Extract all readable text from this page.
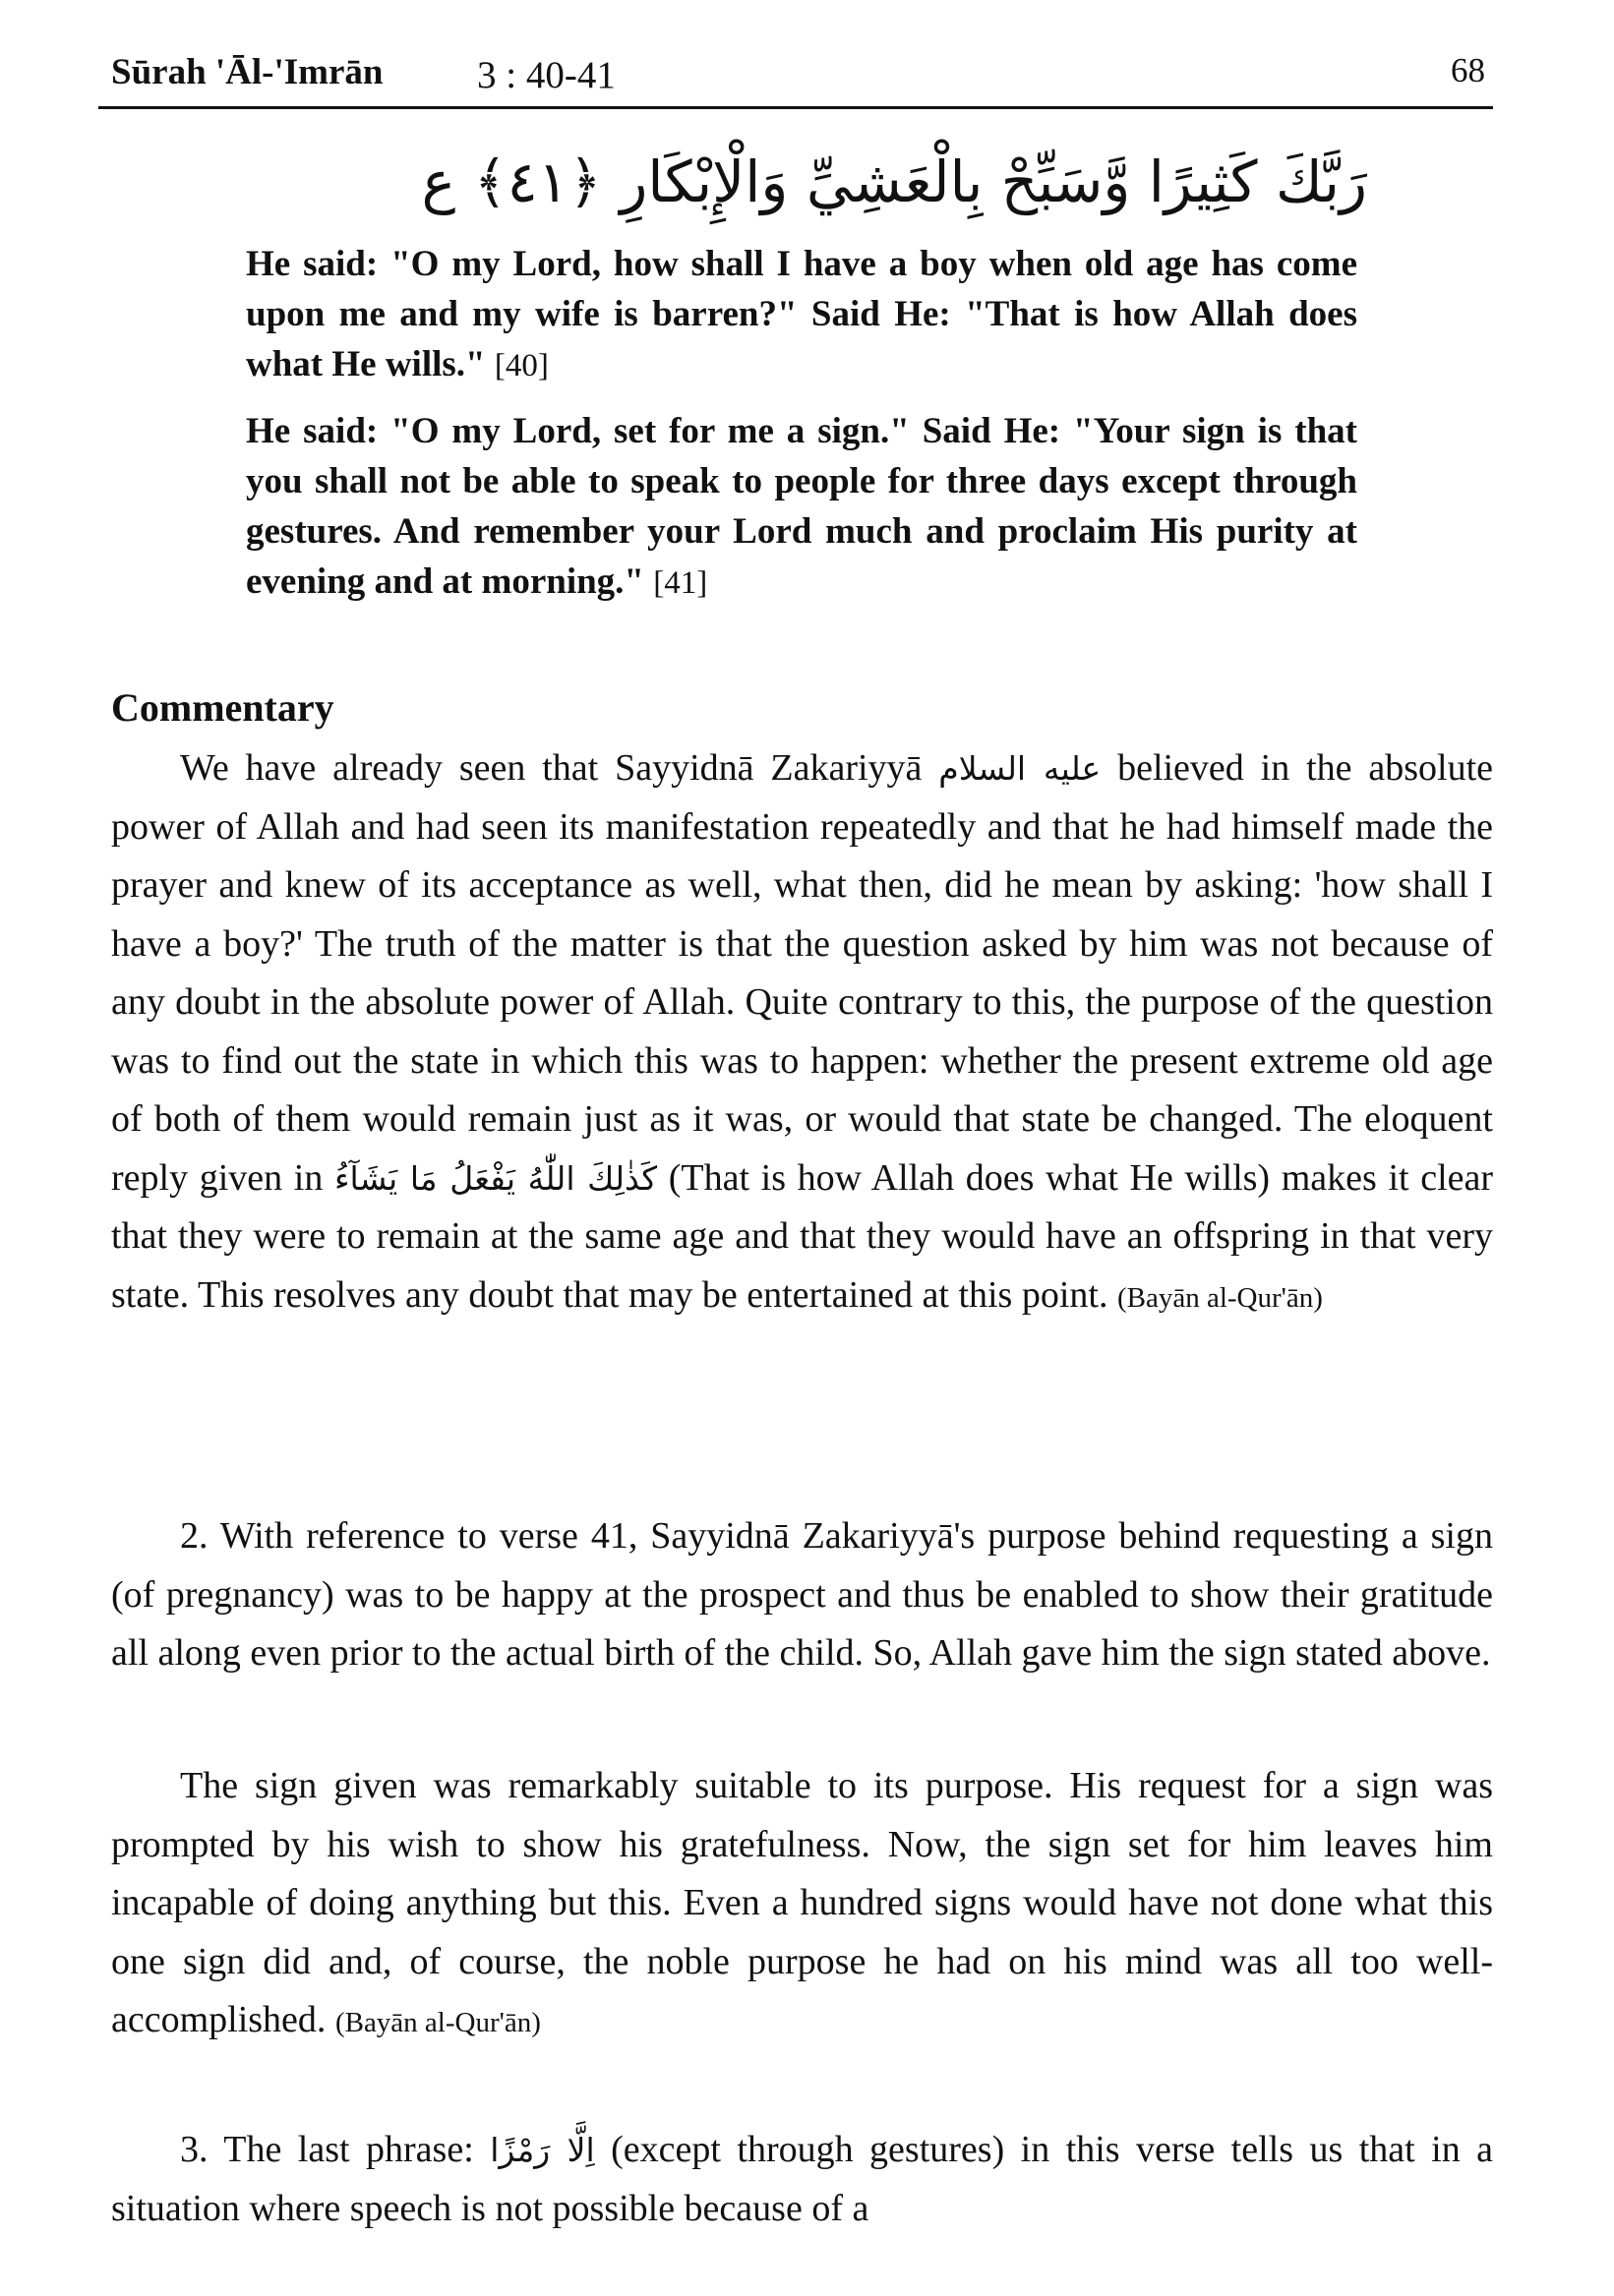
Sūrah 'Āl-'Imrān 3 : 40-41	68
رَبَّكَ كَثِيرًا وَّسَبِّحْ بِالْعَشِيِّ وَالْإِبْكَارِ ﴿٤١﴾ ع
He said: "O my Lord, how shall I have a boy when old age has come upon me and my wife is barren?" Said He: "That is how Allah does what He wills." [40]
He said: "O my Lord, set for me a sign." Said He: "Your sign is that you shall not be able to speak to people for three days except through gestures. And remember your Lord much and proclaim His purity at evening and at morning." [41]
Commentary
We have already seen that Sayyidnā Zakariyyā عليه السلام believed in the absolute power of Allah and had seen its manifestation repeatedly and that he had himself made the prayer and knew of its acceptance as well, what then, did he mean by asking: 'how shall I have a boy?' The truth of the matter is that the question asked by him was not because of any doubt in the absolute power of Allah. Quite contrary to this, the purpose of the question was to find out the state in which this was to happen: whether the present extreme old age of both of them would remain just as it was, or would that state be changed. The eloquent reply given in كَذٰلِكَ اللّٰهُ يَفْعَلُ مَا يَشَآءُ (That is how Allah does what He wills) makes it clear that they were to remain at the same age and that they would have an offspring in that very state. This resolves any doubt that may be entertained at this point. (Bayān al-Qur'ān)
2. With reference to verse 41, Sayyidnā Zakariyyā's purpose behind requesting a sign (of pregnancy) was to be happy at the prospect and thus be enabled to show their gratitude all along even prior to the actual birth of the child. So, Allah gave him the sign stated above.
The sign given was remarkably suitable to its purpose. His request for a sign was prompted by his wish to show his gratefulness. Now, the sign set for him leaves him incapable of doing anything but this. Even a hundred signs would have not done what this one sign did and, of course, the noble purpose he had on his mind was all too well-accomplished. (Bayān al-Qur'ān)
3. The last phrase: اِلَّا رَمْزًا (except through gestures) in this verse tells us that in a situation where speech is not possible because of a
